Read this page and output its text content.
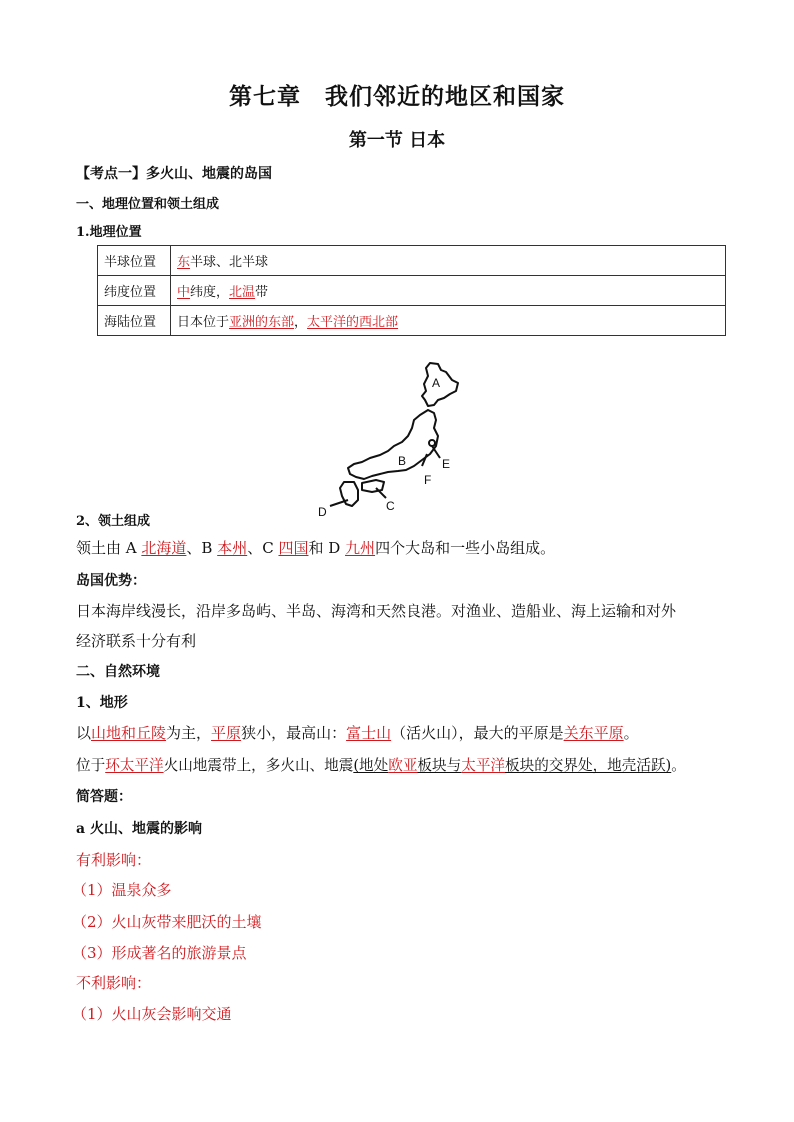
第七章　我们邻近的地区和国家
第一节 日本
【考点一】多火山、地震的岛国
一、地理位置和领土组成
1.地理位置
半球位置	东半球、北半球
纬度位置	中纬度，北温带
海陆位置	日本位于亚洲的东部，太平洋的西北部
A
B
C
D
E
F
2、领土组成
领土由 A 北海道、B 本州、C 四国和 D 九州四个大岛和一些小岛组成。
岛国优势：
日本海岸线漫长，沿岸多岛屿、半岛、海湾和天然良港。对渔业、造船业、海上运输和对外
经济联系十分有利
二、自然环境
1、地形
以山地和丘陵为主，平原狭小，最高山：富士山（活火山），最大的平原是关东平原。
位于环太平洋火山地震带上，多火山、地震(地处欧亚板块与太平洋板块的交界处，地壳活跃)。
简答题：
a 火山、地震的影响
有利影响：
（1）温泉众多
（2）火山灰带来肥沃的土壤
（3）形成著名的旅游景点
不利影响：
（1）火山灰会影响交通
